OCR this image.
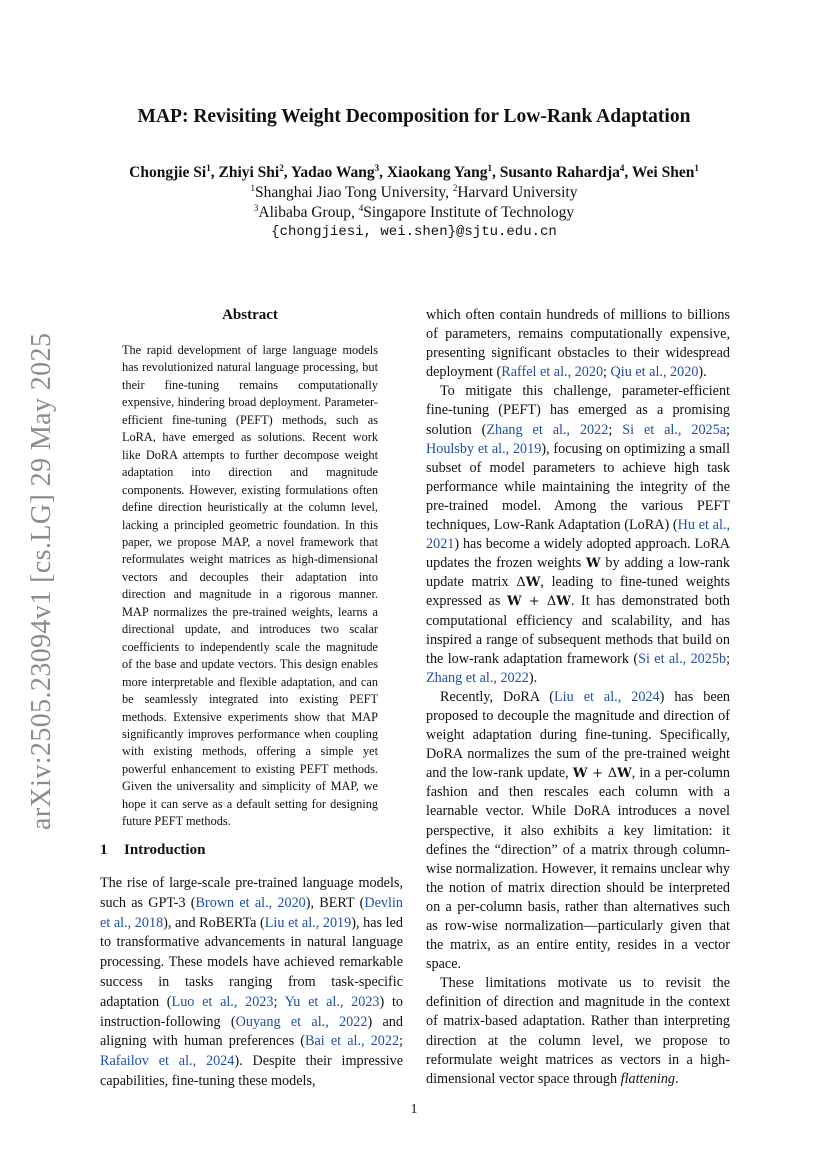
MAP: Revisiting Weight Decomposition for Low-Rank Adaptation
Chongjie Si$^1$, Zhiyi Shi$^2$, Yadao Wang$^3$, Xiaokang Yang$^1$, Susanto Rahardja$^4$, Wei Shen$^1$
$^1$Shanghai Jiao Tong University, $^2$Harvard University
$^3$Alibaba Group, $^4$Singapore Institute of Technology
{chongjiesi, wei.shen}@sjtu.edu.cn
arXiv:2505.23094v1 [cs.LG] 29 May 2025
Abstract

The rapid development of large language models has revolutionized natural language processing, but their fine-tuning remains computationally expensive, hindering broad deployment. Parameter-efficient fine-tuning (PEFT) methods, such as LoRA, have emerged as solutions. Recent work like DoRA attempts to further decompose weight adaptation into direction and magnitude components. However, existing formulations often define direction heuristically at the column level, lacking a principled geometric foundation. In this paper, we propose MAP, a novel framework that reformulates weight matrices as high-dimensional vectors and decouples their adaptation into direction and magnitude in a rigorous manner. MAP normalizes the pre-trained weights, learns a directional update, and introduces two scalar coefficients to independently scale the magnitude of the base and update vectors. This design enables more interpretable and flexible adaptation, and can be seamlessly integrated into existing PEFT methods. Extensive experiments show that MAP significantly improves performance when coupling with existing methods, offering a simple yet powerful enhancement to existing PEFT methods. Given the universality and simplicity of MAP, we hope it can serve as a default setting for designing future PEFT methods.

1 Introduction

The rise of large-scale pre-trained language models, such as GPT-3 (Brown et al., 2020), BERT (Devlin et al., 2018), and RoBERTa (Liu et al., 2019), has led to transformative advancements in natural language processing. These models have achieved remarkable success in tasks ranging from task-specific adaptation (Luo et al., 2023; Yu et al., 2023) to instruction-following (Ouyang et al., 2022) and aligning with human preferences (Bai et al., 2022; Rafailov et al., 2024). Despite their impressive capabilities, fine-tuning these models,

which often contain hundreds of millions to billions of parameters, remains computationally expensive, presenting significant obstacles to their widespread deployment (Raffel et al., 2020; Qiu et al., 2020).

To mitigate this challenge, parameter-efficient fine-tuning (PEFT) has emerged as a promising solution (Zhang et al., 2022; Si et al., 2025a; Houlsby et al., 2019), focusing on optimizing a small subset of model parameters to achieve high task performance while maintaining the integrity of the pre-trained model. Among the various PEFT techniques, Low-Rank Adaptation (LoRA) (Hu et al., 2021) has become a widely adopted approach. LoRA updates the frozen weights W by adding a low-rank update matrix ΔW, leading to fine-tuned weights expressed as W + ΔW. It has demonstrated both computational efficiency and scalability, and has inspired a range of subsequent methods that build on the low-rank adaptation framework (Si et al., 2025b; Zhang et al., 2022).

Recently, DoRA (Liu et al., 2024) has been proposed to decouple the magnitude and direction of weight adaptation during fine-tuning. Specifically, DoRA normalizes the sum of the pre-trained weight and the low-rank update, W + ΔW, in a per-column fashion and then rescales each column with a learnable vector. While DoRA introduces a novel perspective, it also exhibits a key limitation: it defines the “direction” of a matrix through column-wise normalization. However, it remains unclear why the notion of matrix direction should be interpreted on a per-column basis, rather than alternatives such as row-wise normalization—particularly given that the matrix, as an entire entity, resides in a vector space.

These limitations motivate us to revisit the definition of direction and magnitude in the context of matrix-based adaptation. Rather than interpreting direction at the column level, we propose to reformulate weight matrices as vectors in a high-dimensional vector space through flattening.

1
